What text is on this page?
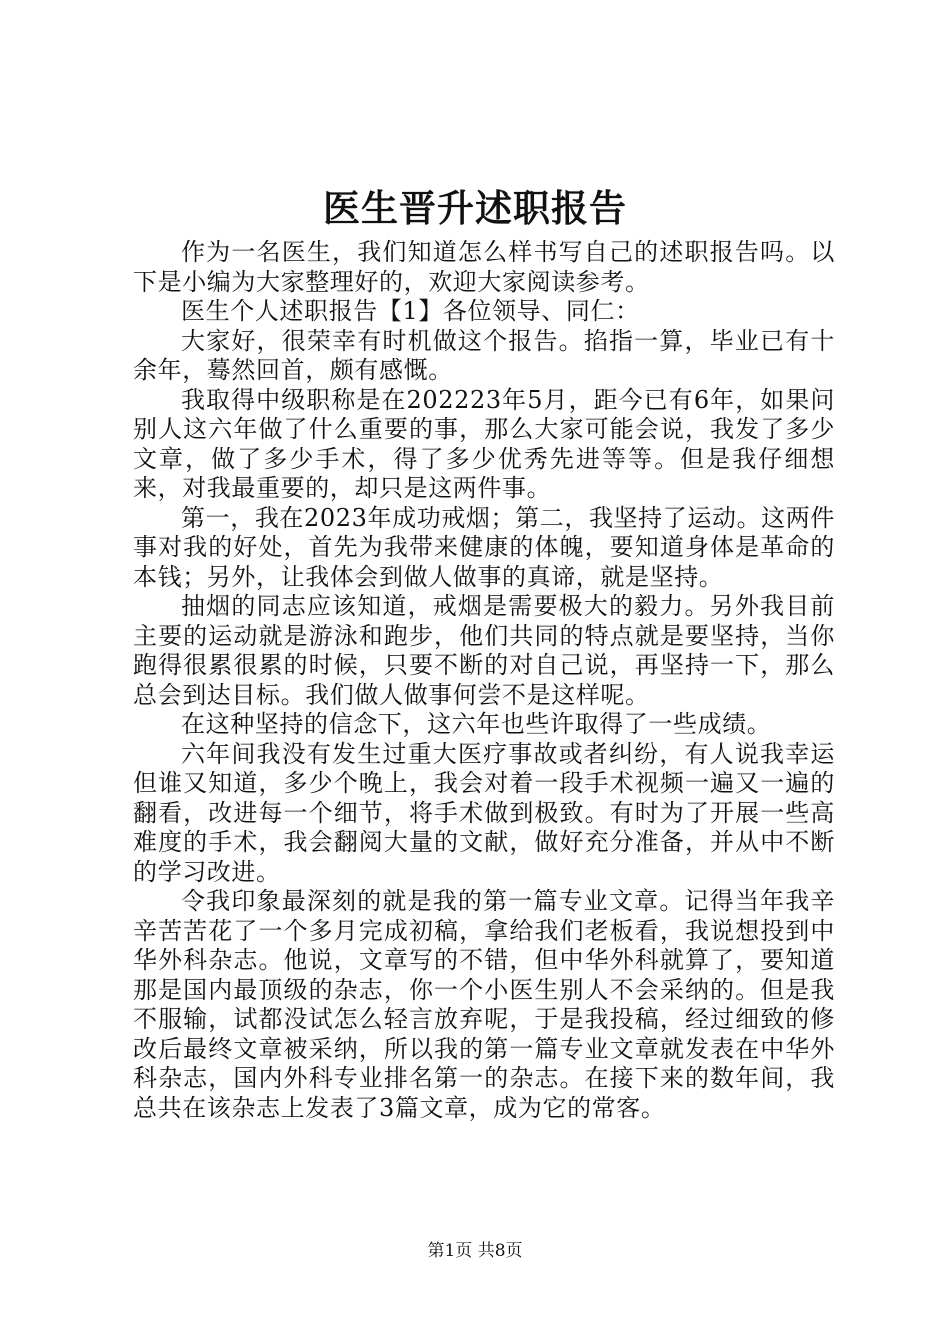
医生晋升述职报告

作为一名医生，我们知道怎么样书写自己的述职报告吗。以下是小编为大家整理好的，欢迎大家阅读参考。

医生个人述职报告【1】各位领导、同仁：

大家好，很荣幸有时机做这个报告。掐指一算，毕业已有十余年，蓦然回首，颇有感慨。

我取得中级职称是在202223年5月，距今已有6年，如果问别人这六年做了什么重要的事，那么大家可能会说，我发了多少文章，做了多少手术，得了多少优秀先进等等。但是我仔细想来，对我最重要的，却只是这两件事。

第一，我在2023年成功戒烟；第二，我坚持了运动。这两件事对我的好处，首先为我带来健康的体魄，要知道身体是革命的本钱；另外，让我体会到做人做事的真谛，就是坚持。

抽烟的同志应该知道，戒烟是需要极大的毅力。另外我目前主要的运动就是游泳和跑步，他们共同的特点就是要坚持，当你跑得很累很累的时候，只要不断的对自己说，再坚持一下，那么总会到达目标。我们做人做事何尝不是这样呢。

在这种坚持的信念下，这六年也些许取得了一些成绩。

六年间我没有发生过重大医疗事故或者纠纷，有人说我幸运但谁又知道，多少个晚上，我会对着一段手术视频一遍又一遍的翻看，改进每一个细节，将手术做到极致。有时为了开展一些高难度的手术，我会翻阅大量的文献，做好充分准备，并从中不断的学习改进。

令我印象最深刻的就是我的第一篇专业文章。记得当年我辛辛苦苦花了一个多月完成初稿，拿给我们老板看，我说想投到中华外科杂志。他说，文章写的不错，但中华外科就算了，要知道那是国内最顶级的杂志，你一个小医生别人不会采纳的。但是我不服输，试都没试怎么轻言放弃呢，于是我投稿，经过细致的修改后最终文章被采纳，所以我的第一篇专业文章就发表在中华外科杂志，国内外科专业排名第一的杂志。在接下来的数年间，我总共在该杂志上发表了3篇文章，成为它的常客。

第1页 共8页
